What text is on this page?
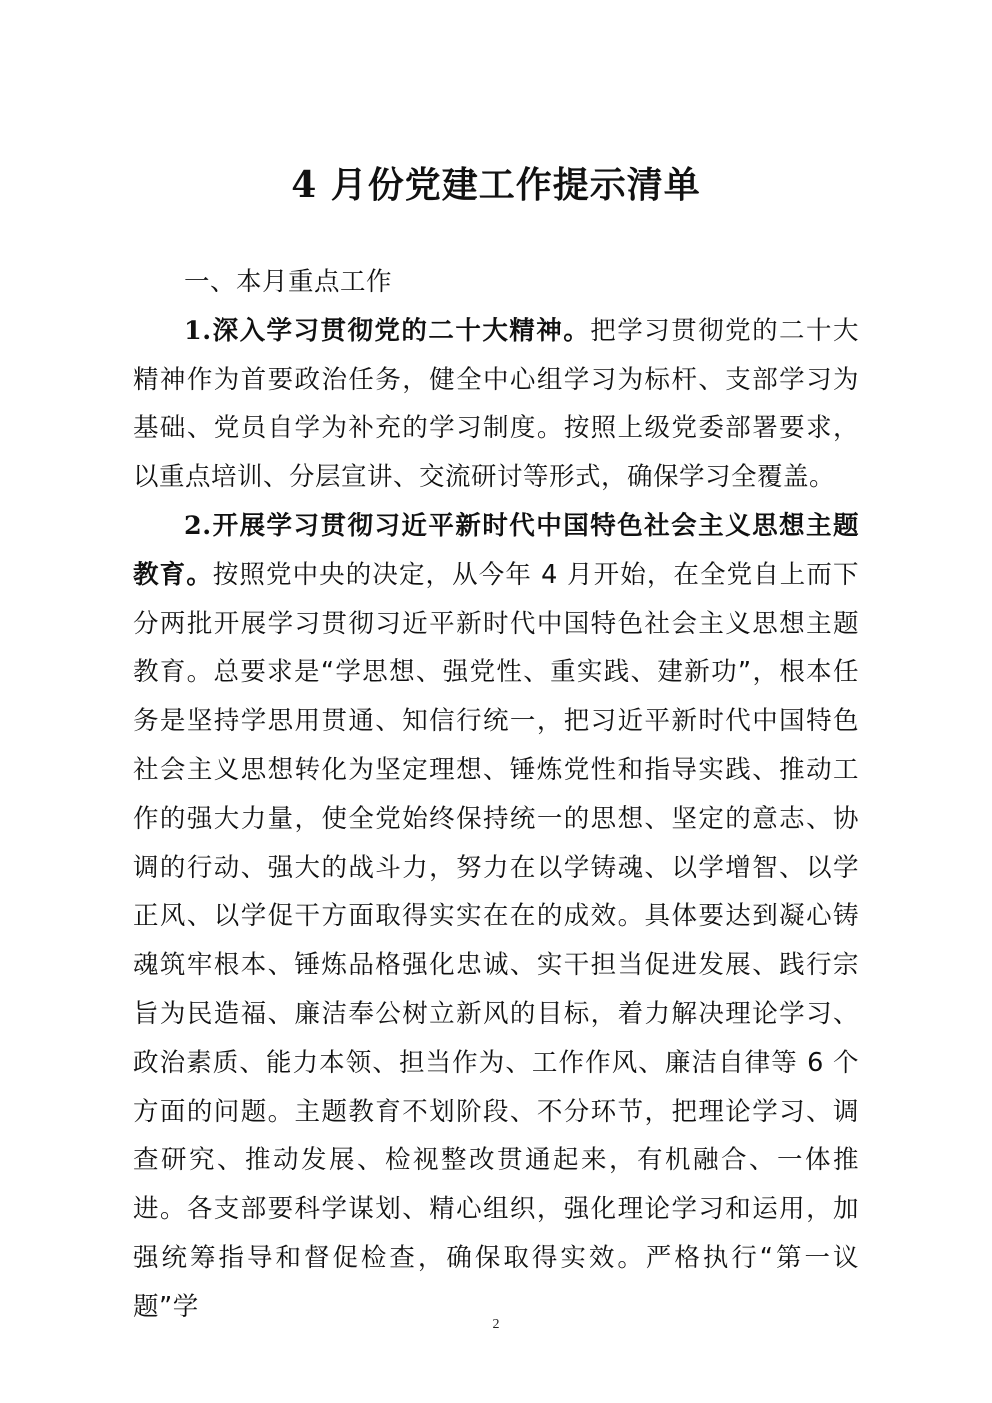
4 月份党建工作提示清单

一、本月重点工作

1.深入学习贯彻党的二十大精神。把学习贯彻党的二十大精神作为首要政治任务，健全中心组学习为标杆、支部学习为基础、党员自学为补充的学习制度。按照上级党委部署要求，以重点培训、分层宣讲、交流研讨等形式，确保学习全覆盖。

2.开展学习贯彻习近平新时代中国特色社会主义思想主题教育。按照党中央的决定，从今年 4 月开始，在全党自上而下分两批开展学习贯彻习近平新时代中国特色社会主义思想主题教育。总要求是“学思想、强党性、重实践、建新功”，根本任务是坚持学思用贯通、知信行统一，把习近平新时代中国特色社会主义思想转化为坚定理想、锤炼党性和指导实践、推动工作的强大力量，使全党始终保持统一的思想、坚定的意志、协调的行动、强大的战斗力，努力在以学铸魂、以学增智、以学正风、以学促干方面取得实实在在的成效。具体要达到凝心铸魂筑牢根本、锤炼品格强化忠诚、实干担当促进发展、践行宗旨为民造福、廉洁奉公树立新风的目标，着力解决理论学习、政治素质、能力本领、担当作为、工作作风、廉洁自律等 6 个方面的问题。主题教育不划阶段、不分环节，把理论学习、调查研究、推动发展、检视整改贯通起来，有机融合、一体推进。各支部要科学谋划、精心组织，强化理论学习和运用，加强统筹指导和督促检查，确保取得实效。严格执行“第一议题”学

2
